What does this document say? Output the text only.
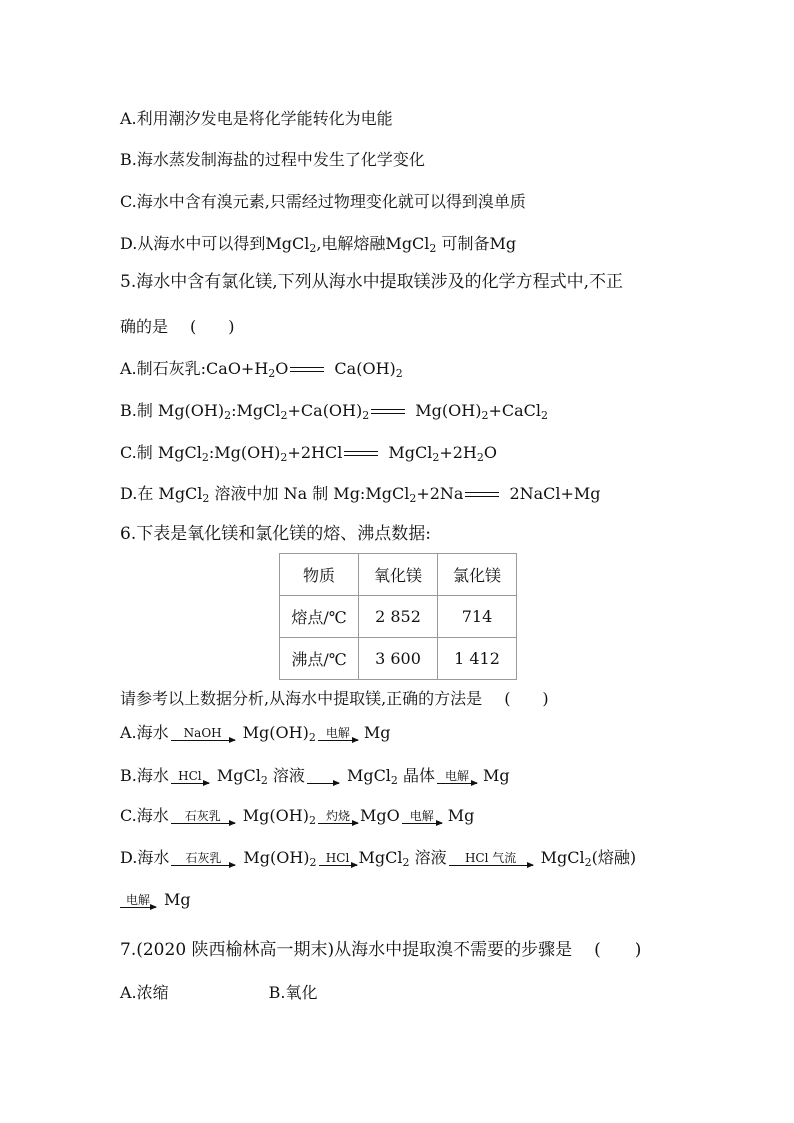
A.利用潮汐发电是将化学能转化为电能
B.海水蒸发制海盐的过程中发生了化学变化
C.海水中含有溴元素,只需经过物理变化就可以得到溴单质
D.从海水中可以得到MgCl$_2$,电解熔融MgCl$_2$ 可制备Mg
5.海水中含有氯化镁,下列从海水中提取镁涉及的化学方程式中,不正
确的是 (　　)
A.制石灰乳$:CaO+H_2O$	$Ca(OH)_2$
B.制 $Mg(OH)_2:MgCl_2+Ca(OH)_2$	$Mg(OH)_2+CaCl_2$
C.制 $MgCl_2:Mg(OH)_2+2HCl$	$MgCl_2+2H_2O$
D.在 MgCl$_2$ 溶液中加 Na 制 Mg:MgCl$_2$+2Na	2NaCl+Mg
6.下表是氧化镁和氯化镁的熔、沸点数据:
物质	氧化镁	氯化镁
熔点/℃	2 852	714
沸点/℃	3 600	1 412
请参考以上数据分析,从海水中提取镁,正确的方法是 (　　)
A.海水	NaOH	$Mg(OH)_2$ 电解 Mg
B.海水 HCl MgCl$_2$ 溶液 → MgCl$_2$ 晶体 电解 Mg
C.海水	石灰乳	$Mg(OH)_2$ 灼烧 MgO 电解 Mg
D.海水	石灰乳	$Mg(OH)_2$ HCl MgCl$_2$ 溶液	HCl 气流	MgCl$_2$(熔融)
电解 Mg
7.(2020 陕西榆林高一期末)从海水中提取溴不需要的步骤是 (　　)
A.浓缩	B.氧化
